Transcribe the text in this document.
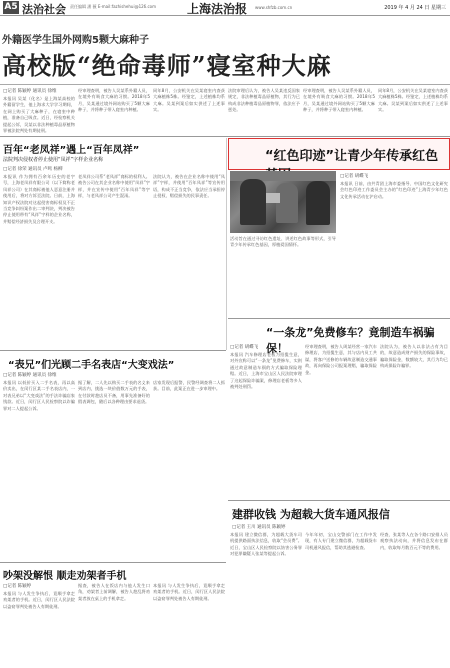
A5 法治社会 责任编辑 潘 薇 E-mail:fazhishehui@126.com	上海法治报 www.shfzb.com.cn	2019 年 4 月 24 日 星期三
外籍医学生国外网购5颗大麻种子
高校版“绝命毒师”寝室种大麻
□记者 陈颖婷 通讯员 徐维
本报讯 吴某（化名）是上海某高校的外籍留学生，他上海求大学学习期间，在网上购买了大麻种子，在寝室中种植，准备自己吸食。近日，经检察机关提起公诉，吴某以非法种植毒品原植物罪被法院判处有期徒刑。
经审理查明，被告人吴某系外籍人员，在境外有吸食大麻的习惯。2018年5月，吴某通过境外网站购买了5颗大麻种子，并将种子带入寝室内种植。
同年8月，公安机关在吴某寝室内查获大麻植株5株。经鉴定，上述植株均系大麻。吴某到案后如实供述了上述事实。
法院审理后认为，被告人吴某违反国家规定，非法种植毒品原植物，其行为已构成非法种植毒品原植物罪，依法应予惩处。
经审理查明，被告人吴某系外籍人员，在境外有吸食大麻的习惯。2018年5月，吴某通过境外网站购买了5颗大麻种子，并将种子带入寝室内种植。
同年8月，公安机关在吴某寝室内查获大麻植株5株。经鉴定，上述植株均系大麻。吴某到案后如实供述了上述事实。
百年“老凤祥”遇上“百年凤祥”
法院判决侵权者停止使用“凤祥”字样企业名称
□记者 徐荣 通讯员 卢鸣 杨柳
本报讯 作为拥有百余年历史的老字号，上海老凤祥有限公司（以下简称老凤祥公司）在其商标被他人恶意注册并使用后，将对方诉至法院。日前，上海知识产权法院对这起侵害商标权及不正当竞争纠纷案作出二审判决，判决被告停止使用带有“凤祥”字样的企业名称，并赔偿经济损失及合理开支。
老凤祥公司系“老凤祥”商标的权利人。被告公司在其企业名称中使用“凤祥”字样，并在宣传中使用“百年凤祥”等字样，与老凤祥公司产生混淆。
法院认为，被告在企业名称中使用“凤祥”字样，并使用“百年凤祥”等宣传用语，构成不正当竞争，依法应当承担停止侵权、赔偿损失的民事责任。
“红色印迹”让青少年传承红色
□记者 胡蝶飞
本报讯 日前，由共青团上海市委指导、中国红色文化研究会红色印迹工作委员会主办的“红色印迹”上海青少年红色文化传承活动在沪启动。
活动旨在通过寻访红色遗址、讲述红色故事等形式，引导青少年传承红色基因，厚植爱国情怀。
“一条龙”免费修车？竟制造车祸骗保！
□记者 胡蝶飞
本报讯 汽车修理店老板为招揽生意，对外宣称可以“一条龙”免费修车，实则通过故意制造车祸的方式骗取保险理赔。近日，上海市宝山区人民法院审理了这起保险诈骗案，修理店老板等多人被判处刑罚。
经审理查明，被告人周某经营一家汽车修理店，为招揽生意，其与店内员工共谋，将客户送修的车辆故意制造交通事故，再向保险公司报案理赔，骗取保险金。
法院认为，被告人以非法占有为目的，故意造成财产损失的保险事故，骗取保险金，数额较大，其行为均已构成保险诈骗罪。
“表兄”们光顾二手名表店“大变戏法”
□记者 陈颖婷 通讯员 徐维
本报讯 以低价买入二手名表，再以高价卖出，在闵行区某二手名表店内，一对表兄弟以“大变戏法”的手法诈骗店家钱款。近日，闵行区人民检察院以诈骗罪对二人提起公诉。
据了解，二人先以购买二手表的名义来到店内，挑选一块价值数万元的手表，在付款时趁店员不备，用事先准备好的假表调包，随后以各种理由要求退货。
店家发现后报警，民警经调查将二人抓获。目前，此案正在进一步审理中。
建群收钱 为超载大货车通风报信
□记者 王川 通讯员 陈颖婷
本报讯 建立微信群，为超载大货车司机提供路面执法信息，收取“会员费”。近日，宝山区人民检察院以妨害公务罪对犯罪嫌疑人张某等提起公诉。
今年年初，宝山交警部门在工作中发现，有人专门建立微信群，为超载货车司机通风报信，帮助其逃避检查。
经查，张某等人在各个路口安排人员观察执法动向，并将信息发布在群内，收取每月数百元不等的费用。
吵架没解恨 顺走劝架者手机
□记者 陈颖婷
本报讯 与人发生争执后，竟顺手拿走劝架者的手机。近日，闵行区人民法院以盗窃罪判处被告人有期徒刑。
据查，被告人在饭店内与他人发生口角，劝架者上前调解，被告人趁乱将劝架者放在桌上的手机拿走。
本报讯 与人发生争执后，竟顺手拿走劝架者的手机。近日，闵行区人民法院以盗窃罪判处被告人有期徒刑。
